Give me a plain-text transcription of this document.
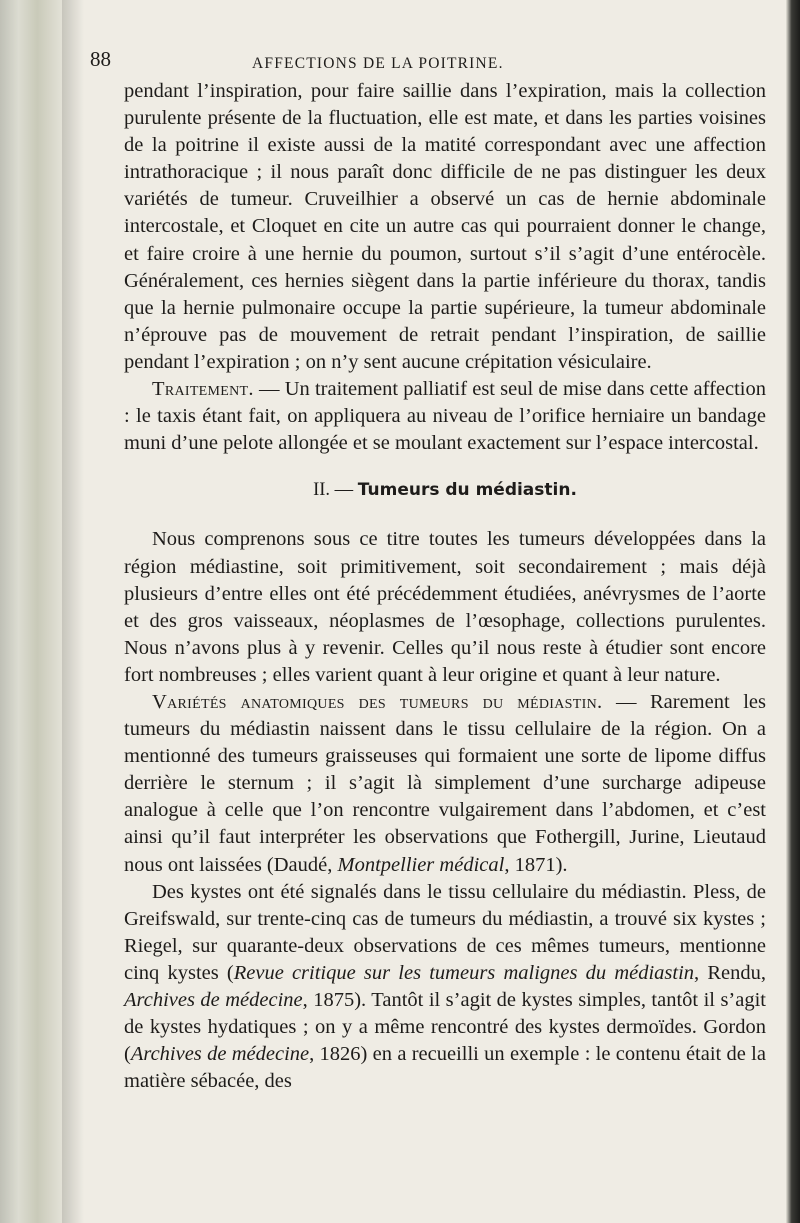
88	AFFECTIONS DE LA POITRINE.

pendant l’inspiration, pour faire saillie dans l’expiration, mais la collection purulente présente de la fluctuation, elle est mate, et dans les parties voisines de la poitrine il existe aussi de la matité correspondant avec une affection intrathoracique ; il nous paraît donc difficile de ne pas distinguer les deux variétés de tumeur. Cruveilhier a observé un cas de hernie abdominale intercostale, et Cloquet en cite un autre cas qui pourraient donner le change, et faire croire à une hernie du poumon, surtout s’il s’agit d’une entérocèle. Généralement, ces hernies siègent dans la partie inférieure du thorax, tandis que la hernie pulmonaire occupe la partie supérieure, la tumeur abdominale n’éprouve pas de mouvement de retrait pendant l’inspiration, de saillie pendant l’expiration ; on n’y sent aucune crépitation vésiculaire.

Traitement. — Un traitement palliatif est seul de mise dans cette affection : le taxis étant fait, on appliquera au niveau de l’orifice herniaire un bandage muni d’une pelote allongée et se moulant exactement sur l’espace intercostal.

II. — Tumeurs du médiastin.

Nous comprenons sous ce titre toutes les tumeurs développées dans la région médiastine, soit primitivement, soit secondairement ; mais déjà plusieurs d’entre elles ont été précédemment étudiées, anévrysmes de l’aorte et des gros vaisseaux, néoplasmes de l’œsophage, collections purulentes. Nous n’avons plus à y revenir. Celles qu’il nous reste à étudier sont encore fort nombreuses ; elles varient quant à leur origine et quant à leur nature.

Variétés anatomiques des tumeurs du médiastin. — Rarement les tumeurs du médiastin naissent dans le tissu cellulaire de la région. On a mentionné des tumeurs graisseuses qui formaient une sorte de lipome diffus derrière le sternum ; il s’agit là simplement d’une surcharge adipeuse analogue à celle que l’on rencontre vulgairement dans l’abdomen, et c’est ainsi qu’il faut interpréter les observations que Fothergill, Jurine, Lieutaud nous ont laissées (Daudé, Montpellier médical, 1871).

Des kystes ont été signalés dans le tissu cellulaire du médiastin. Pless, de Greifswald, sur trente-cinq cas de tumeurs du médiastin, a trouvé six kystes ; Riegel, sur quarante-deux observations de ces mêmes tumeurs, mentionne cinq kystes (Revue critique sur les tumeurs malignes du médiastin, Rendu, Archives de médecine, 1875). Tantôt il s’agit de kystes simples, tantôt il s’agit de kystes hydatiques ; on y a même rencontré des kystes dermoïdes. Gordon (Archives de médecine, 1826) en a recueilli un exemple : le contenu était de la matière sébacée, des
